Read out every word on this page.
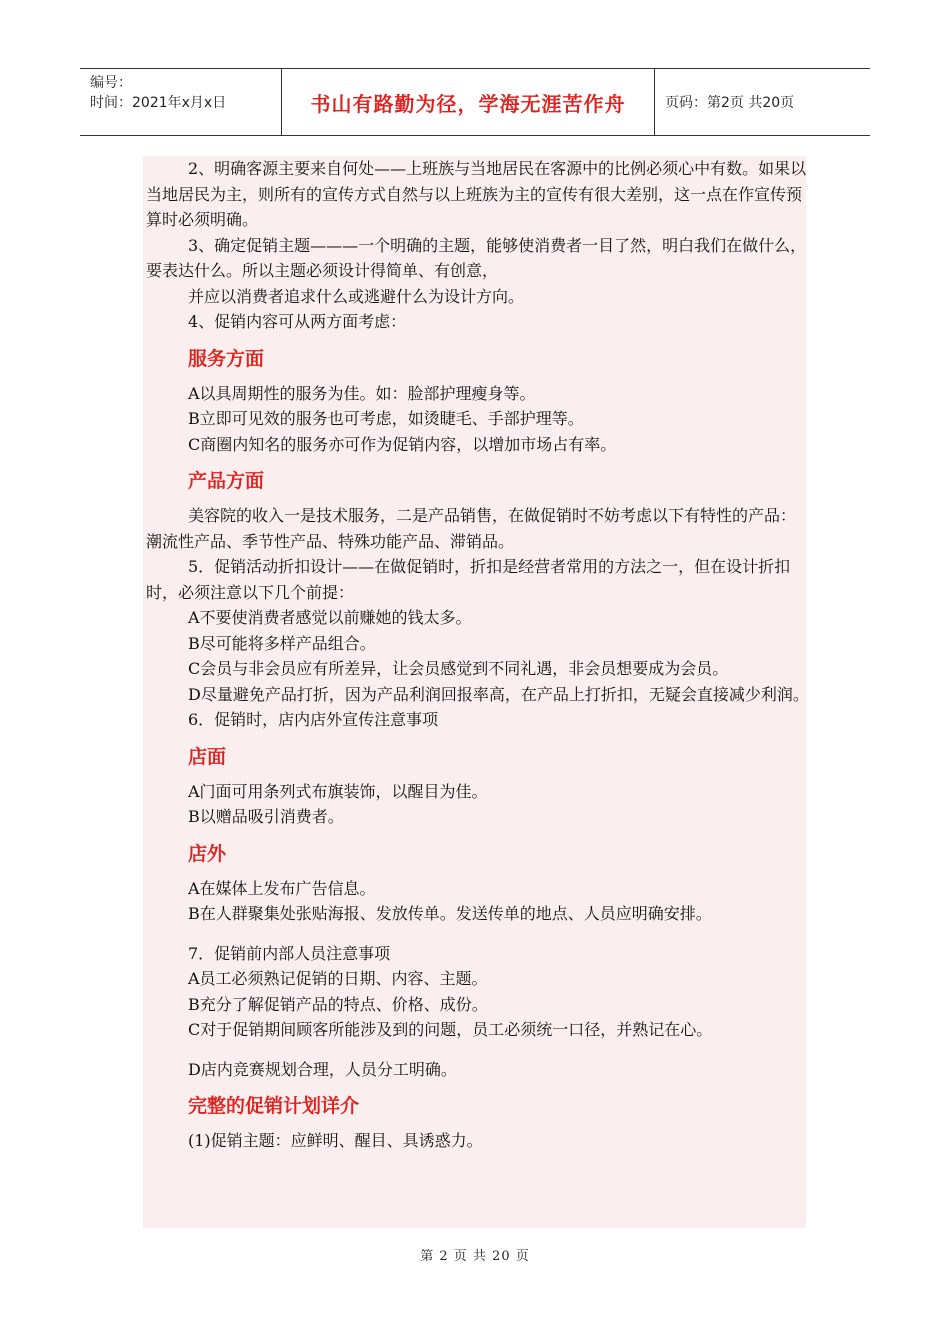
编号：
时间：2021年x月x日	书山有路勤为径，学海无涯苦作舟	页码：第2页 共20页

2、明确客源主要来自何处——上班族与当地居民在客源中的比例必须心中有数。如果以当地居民为主，则所有的宣传方式自然与以上班族为主的宣传有很大差别，这一点在作宣传预算时必须明确。

3、确定促销主题———一个明确的主题，能够使消费者一目了然，明白我们在做什么，要表达什么。所以主题必须设计得简单、有创意，

并应以消费者追求什么或逃避什么为设计方向。

4、促销内容可从两方面考虑：

服务方面

A以具周期性的服务为佳。如：脸部护理瘦身等。

B立即可见效的服务也可考虑，如烫睫毛、手部护理等。

C商圈内知名的服务亦可作为促销内容，以增加市场占有率。

产品方面

美容院的收入一是技术服务，二是产品销售，在做促销时不妨考虑以下有特性的产品：潮流性产品、季节性产品、特殊功能产品、滞销品。

5．促销活动折扣设计——在做促销时，折扣是经营者常用的方法之一，但在设计折扣时，必须注意以下几个前提：

A不要使消费者感觉以前赚她的钱太多。

B尽可能将多样产品组合。

C会员与非会员应有所差异，让会员感觉到不同礼遇，非会员想要成为会员。

D尽量避免产品打折，因为产品利润回报率高，在产品上打折扣，无疑会直接减少利润。

6．促销时，店内店外宣传注意事项

店面

A门面可用条列式布旗装饰，以醒目为佳。

B以赠品吸引消费者。

店外

A在媒体上发布广告信息。

B在人群聚集处张贴海报、发放传单。发送传单的地点、人员应明确安排。

7．促销前内部人员注意事项

A员工必须熟记促销的日期、内容、主题。

B充分了解促销产品的特点、价格、成份。

C对于促销期间顾客所能涉及到的问题，员工必须统一口径，并熟记在心。

D店内竞赛规划合理，人员分工明确。

完整的促销计划详介

(1)促销主题：应鲜明、醒目、具诱惑力。

第 2 页 共 20 页
